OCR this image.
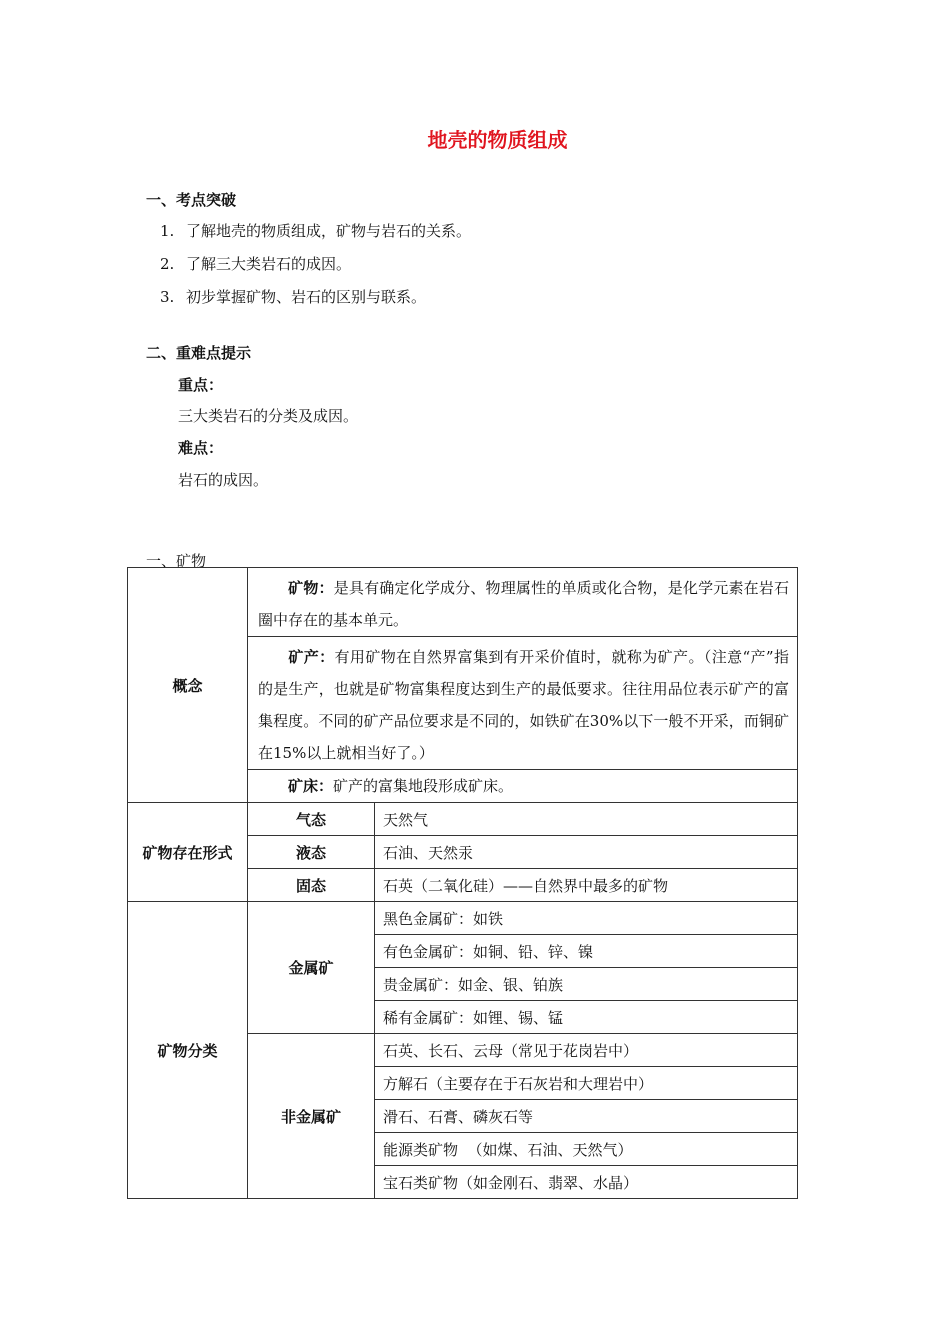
地壳的物质组成
一、考点突破
1. 了解地壳的物质组成，矿物与岩石的关系。
2. 了解三大类岩石的成因。
3. 初步掌握矿物、岩石的区别与联系。
二、重难点提示
重点：
三大类岩石的分类及成因。
难点：
岩石的成因。
一、矿物
概念	矿物：是具有确定化学成分、物理属性的单质或化合物，是化学元素在岩石圈中存在的基本单元。	
	矿产：有用矿物在自然界富集到有开采价值时，就称为矿产。（注意“产”指的是生产，也就是矿物富集程度达到生产的最低要求。往往用品位表示矿产的富集程度。不同的矿产品位要求是不同的，如铁矿在30%以下一般不开采，而铜矿在15%以上就相当好了。）	
	矿床：矿产的富集地段形成矿床。	
矿物存在形式	气态	天然气
	液态	石油、天然汞
	固态	石英（二氧化硅）——自然界中最多的矿物
矿物分类	金属矿	黑色金属矿：如铁
		有色金属矿：如铜、铅、锌、镍
		贵金属矿：如金、银、铂族
		稀有金属矿：如锂、锡、锰
	非金属矿	石英、长石、云母（常见于花岗岩中）
		方解石（主要存在于石灰岩和大理岩中）
		滑石、石膏、磷灰石等
		能源类矿物  （如煤、石油、天然气）
		宝石类矿物（如金刚石、翡翠、水晶）
